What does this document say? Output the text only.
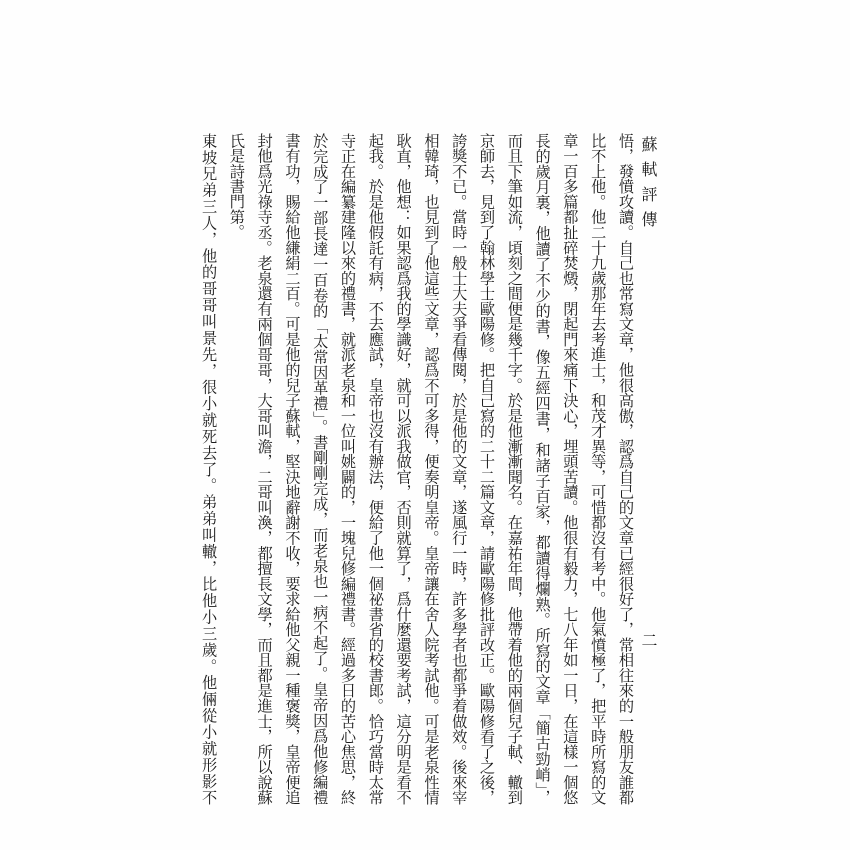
蘇軾評傳
二
悟，發憤攻讀。自己也常寫文章，他很高傲，認爲自己的文章已經很好了，常相往來的一般朋友誰都
比不上他。他二十九歲那年去考進士，和茂才異等，可惜都沒有考中。他氣憤極了，把平時所寫的文
章一百多篇都扯碎焚燬，閉起門來痛下決心，埋頭苦讀。他很有毅力，七八年如一日，在這樣一個悠
長的歲月裏，他讀了不少的書，像五經四書，和諸子百家，都讀得爛熟。所寫的文章「簡古勁峭」，
而且下筆如流，頃刻之間便是幾千字。於是他漸漸聞名。在嘉祐年間，他帶着他的兩個兒子軾、轍到
京師去，見到了翰林學士歐陽修。把自己寫的二十二篇文章，請歐陽修批評改正。歐陽修看了之後，
誇獎不已。當時一般士大夫爭看傳閱，於是他的文章，遂風行一時，許多學者也都爭着做效。後來宰
相韓琦，也見到了他這些文章，認爲不可多得，便奏明皇帝。皇帝讓在舍人院考試他。可是老泉性情
耿直，他想：如果認爲我的學識好，就可以派我做官，否則就算了，爲什麼還要考試，這分明是看不
起我。於是他假託有病，不去應試，皇帝也沒有辦法，便給了他一個祕書省的校書郎。恰巧當時太常
寺正在編纂建隆以來的禮書，就派老泉和一位叫姚闢的，一塊兒修編禮書。經過多日的苦心焦思，終
於完成了一部長達一百卷的「太常因革禮」。書剛剛完成，而老泉也一病不起了。皇帝因爲他修編禮
書有功，賜給他縑絹二百。可是他的兒子蘇軾，堅決地辭謝不收，要求給他父親一種褒獎，皇帝便追
封他爲光祿寺丞。老泉還有兩個哥哥，大哥叫澹，二哥叫渙，都擅長文學，而且都是進士，所以說蘇
氏是詩書門第。
東坡兄弟三人，他的哥哥叫景先，很小就死去了。弟弟叫轍，比他小三歲。他倆從小就形影不
